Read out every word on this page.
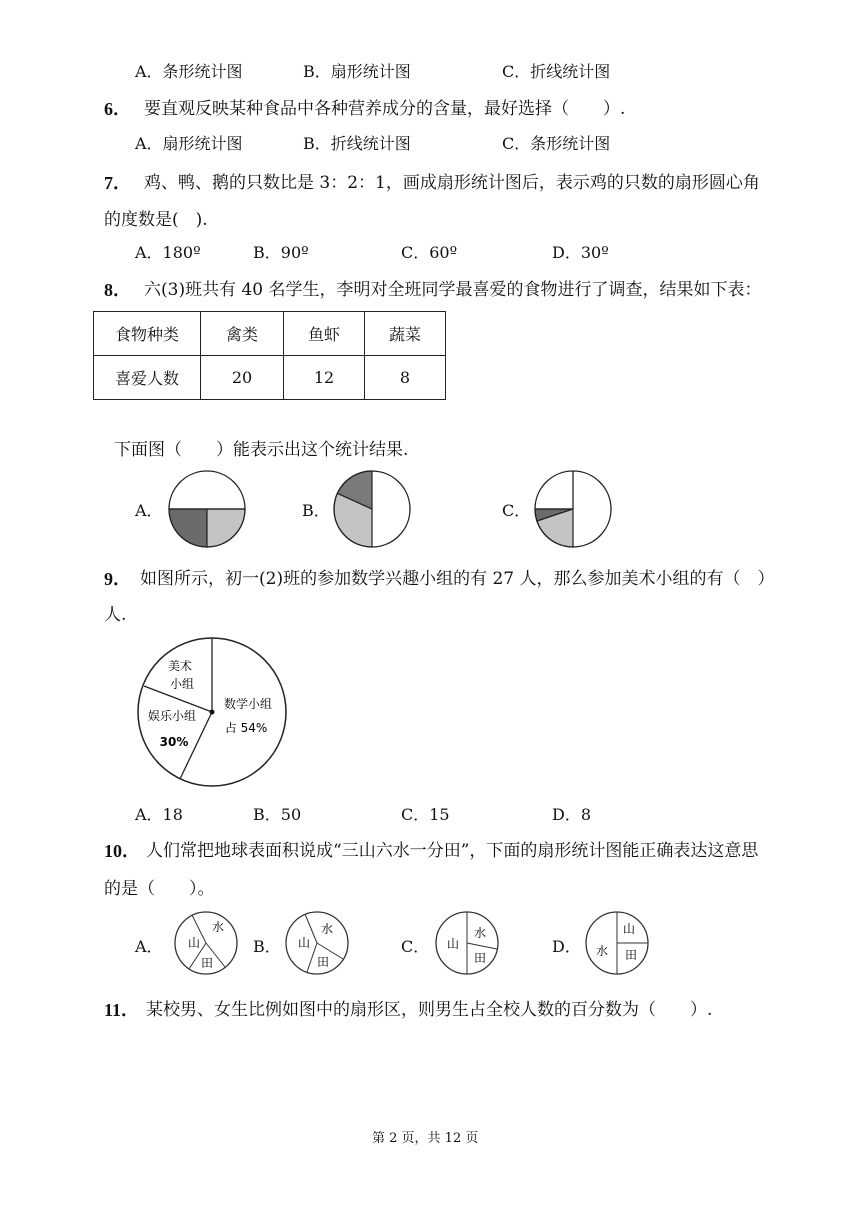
A．条形统计图	B．扇形统计图	C．折线统计图
6． 要直观反映某种食品中各种营养成分的含量，最好选择（　　）.
A．扇形统计图	B．折线统计图	C．条形统计图
7． 鸡、鸭、鹅的只数比是 3：2：1，画成扇形统计图后，表示鸡的只数的扇形圆心角
的度数是(　).
A．180º	B．90º	C．60º	D．30º
8． 六(3)班共有 40 名学生，李明对全班同学最喜爱的食物进行了调查，结果如下表：
食物种类	禽类	鱼虾	蔬菜
喜爱人数	20	12	8
下面图（　　）能表示出这个统计结果.
A．	B．	C．
9． 如图所示，初一(2)班的参加数学兴趣小组的有 27 人，那么参加美术小组的有（　）
人.
美术
小组
娱乐小组
30%
数学小组
占 54%
A．18	B．50	C．15	D．8
10． 人们常把地球表面积说成“三山六水一分田”，下面的扇形统计图能正确表达这意思
的是（　　）。
A．	B．	C．	D．
山
水
田
山
水
田
山
水
田
山
水 田
11． 某校男、女生比例如图中的扇形区，则男生占全校人数的百分数为（　　）.
第 2 页，共 12 页
